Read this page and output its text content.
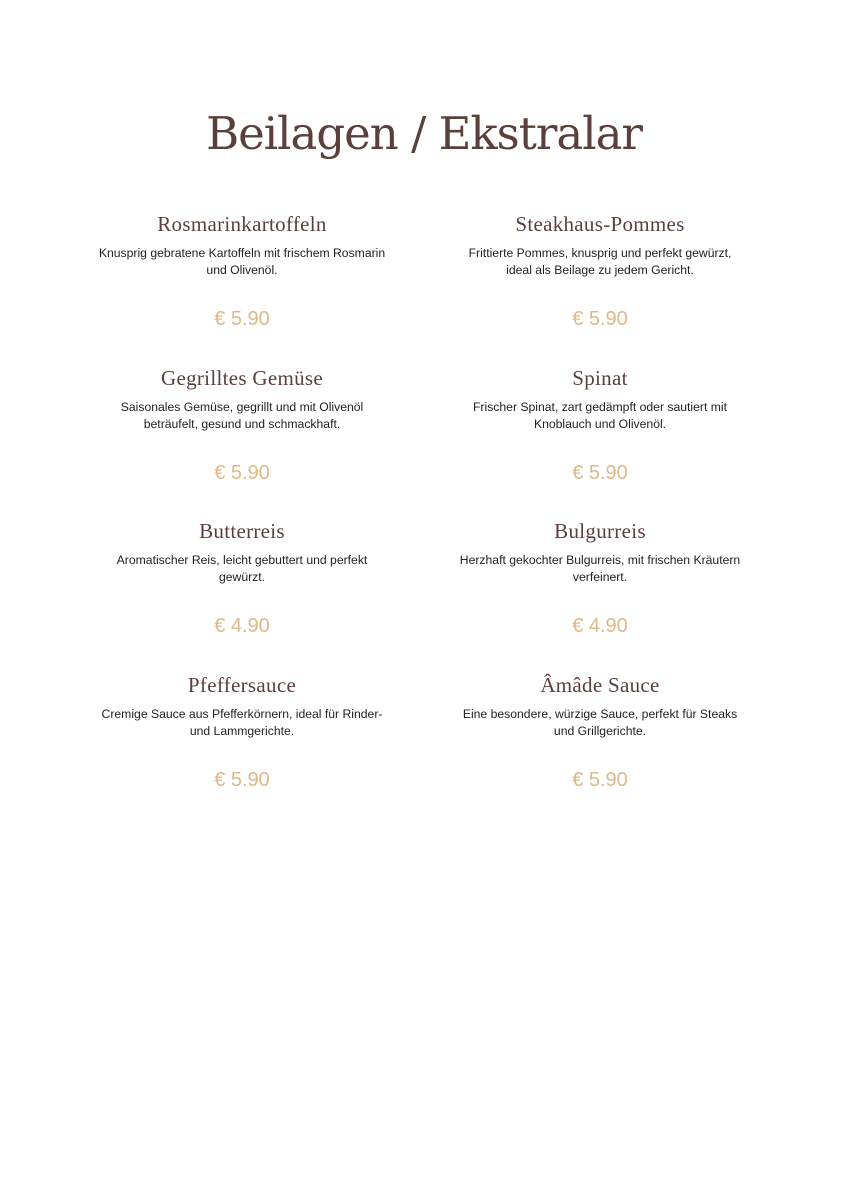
Beilagen / Ekstralar
Rosmarinkartoffeln
Knusprig gebratene Kartoffeln mit frischem Rosmarin und Olivenöl.
€ 5.90
Steakhaus-Pommes
Frittierte Pommes, knusprig und perfekt gewürzt, ideal als Beilage zu jedem Gericht.
€ 5.90
Gegrilltes Gemüse
Saisonales Gemüse, gegrillt und mit Olivenöl beträufelt, gesund und schmackhaft.
€ 5.90
Spinat
Frischer Spinat, zart gedämpft oder sautiert mit Knoblauch und Olivenöl.
€ 5.90
Butterreis
Aromatischer Reis, leicht gebuttert und perfekt gewürzt.
€ 4.90
Bulgurreis
Herzhaft gekochter Bulgurreis, mit frischen Kräutern verfeinert.
€ 4.90
Pfeffersauce
Cremige Sauce aus Pfefferkörnern, ideal für Rinder- und Lammgerichte.
€ 5.90
Âmâde Sauce
Eine besondere, würzige Sauce, perfekt für Steaks und Grillgerichte.
€ 5.90
